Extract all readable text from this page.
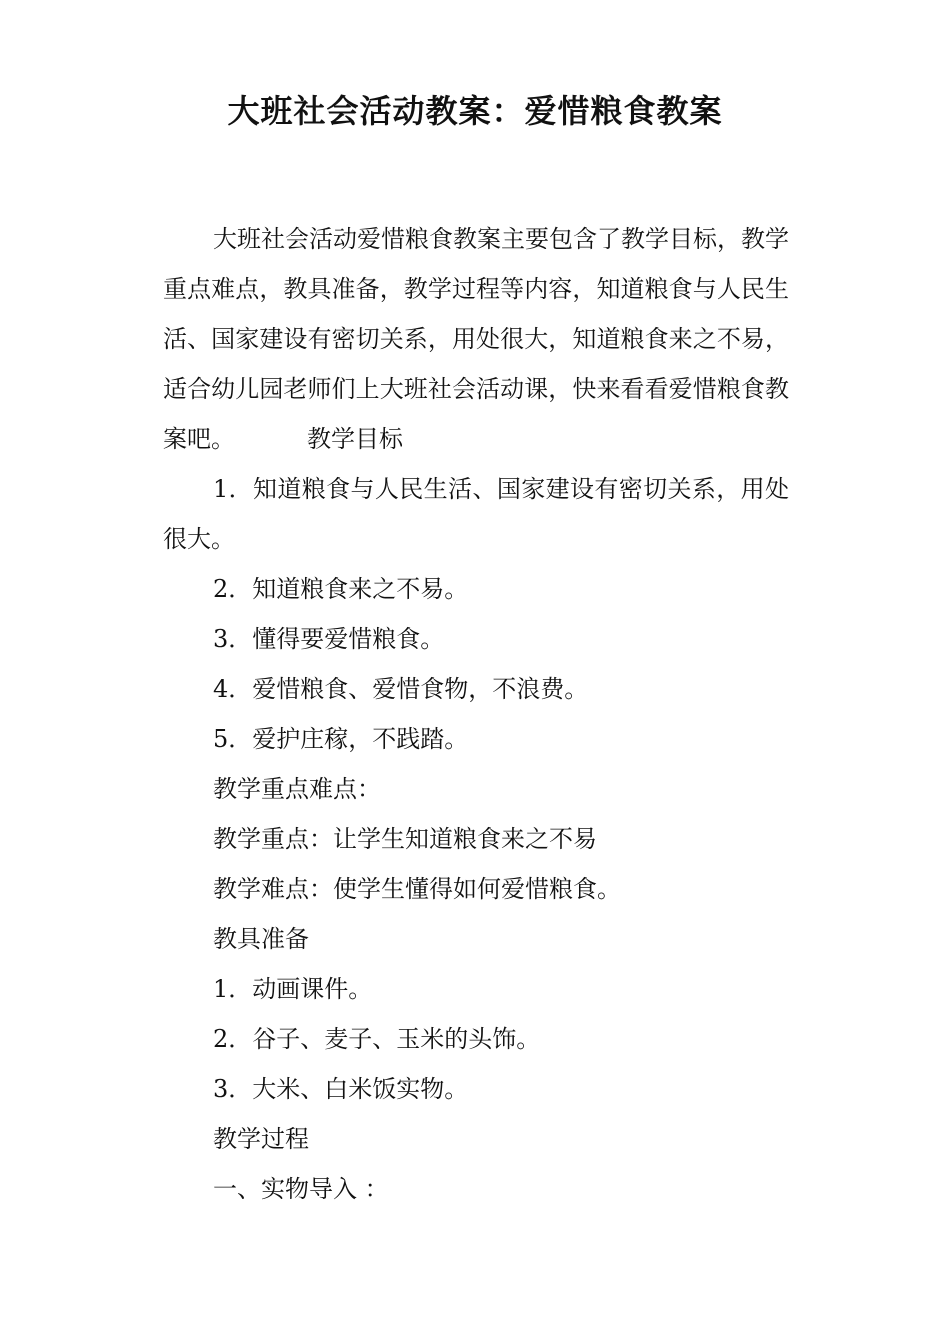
大班社会活动教案：爱惜粮食教案

大班社会活动爱惜粮食教案主要包含了教学目标，教学重点难点，教具准备，教学过程等内容，知道粮食与人民生活、国家建设有密切关系，用处很大，知道粮食来之不易，适合幼儿园老师们上大班社会活动课，快来看看爱惜粮食教案吧。	教学目标

1．知道粮食与人民生活、国家建设有密切关系，用处很大。

2．知道粮食来之不易。

3．懂得要爱惜粮食。

4．爱惜粮食、爱惜食物，不浪费。

5．爱护庄稼，不践踏。

教学重点难点：

教学重点：让学生知道粮食来之不易

教学难点：使学生懂得如何爱惜粮食。

教具准备

1．动画课件。

2．谷子、麦子、玉米的头饰。

3．大米、白米饭实物。

教学过程

一、实物导入 ：
